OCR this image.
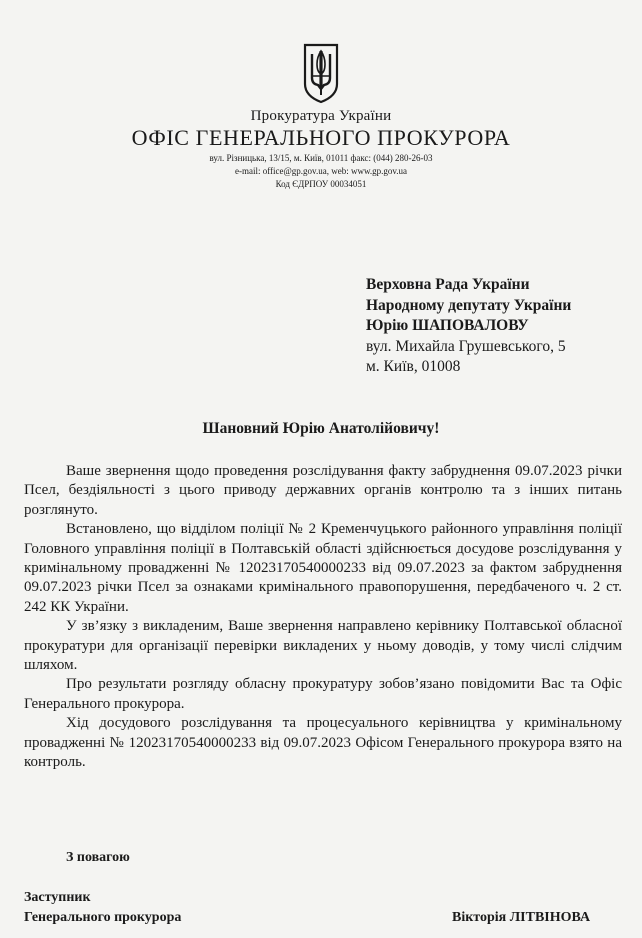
Прокуратура України
ОФІС ГЕНЕРАЛЬНОГО ПРОКУРОРА
вул. Різницька, 13/15, м. Київ, 01011 факс: (044) 280-26-03
e-mail: office@gp.gov.ua, web: www.gp.gov.ua
Код ЄДРПОУ 00034051
Верховна Рада України
Народному депутату України
Юрію ШАПОВАЛОВУ
вул. Михайла Грушевського, 5
м. Київ, 01008
Шановний Юрію Анатолійовичу!

Ваше звернення щодо проведення розслідування факту забруднення 09.07.2023 річки Псел, бездіяльності з цього приводу державних органів контролю та з інших питань розглянуто.

Встановлено, що відділом поліції № 2 Кременчуцького районного управління поліції Головного управління поліції в Полтавській області здійснюється досудове розслідування у кримінальному провадженні № 12023170540000233 від 09.07.2023 за фактом забруднення 09.07.2023 річки Псел за ознаками кримінального правопорушення, передбаченого ч. 2 ст. 242 КК України.

У зв’язку з викладеним, Ваше звернення направлено керівнику Полтавської обласної прокуратури для організації перевірки викладених у ньому доводів, у тому числі слідчим шляхом.

Про результати розгляду обласну прокуратуру зобов’язано повідомити Вас та Офіс Генерального прокурора.

Хід досудового розслідування та процесуального керівництва у кримінальному провадженні № 12023170540000233 від 09.07.2023 Офісом Генерального прокурора взято на контроль.

З повагою
Заступник
Генерального прокурора	Вікторія ЛІТВІНОВА
